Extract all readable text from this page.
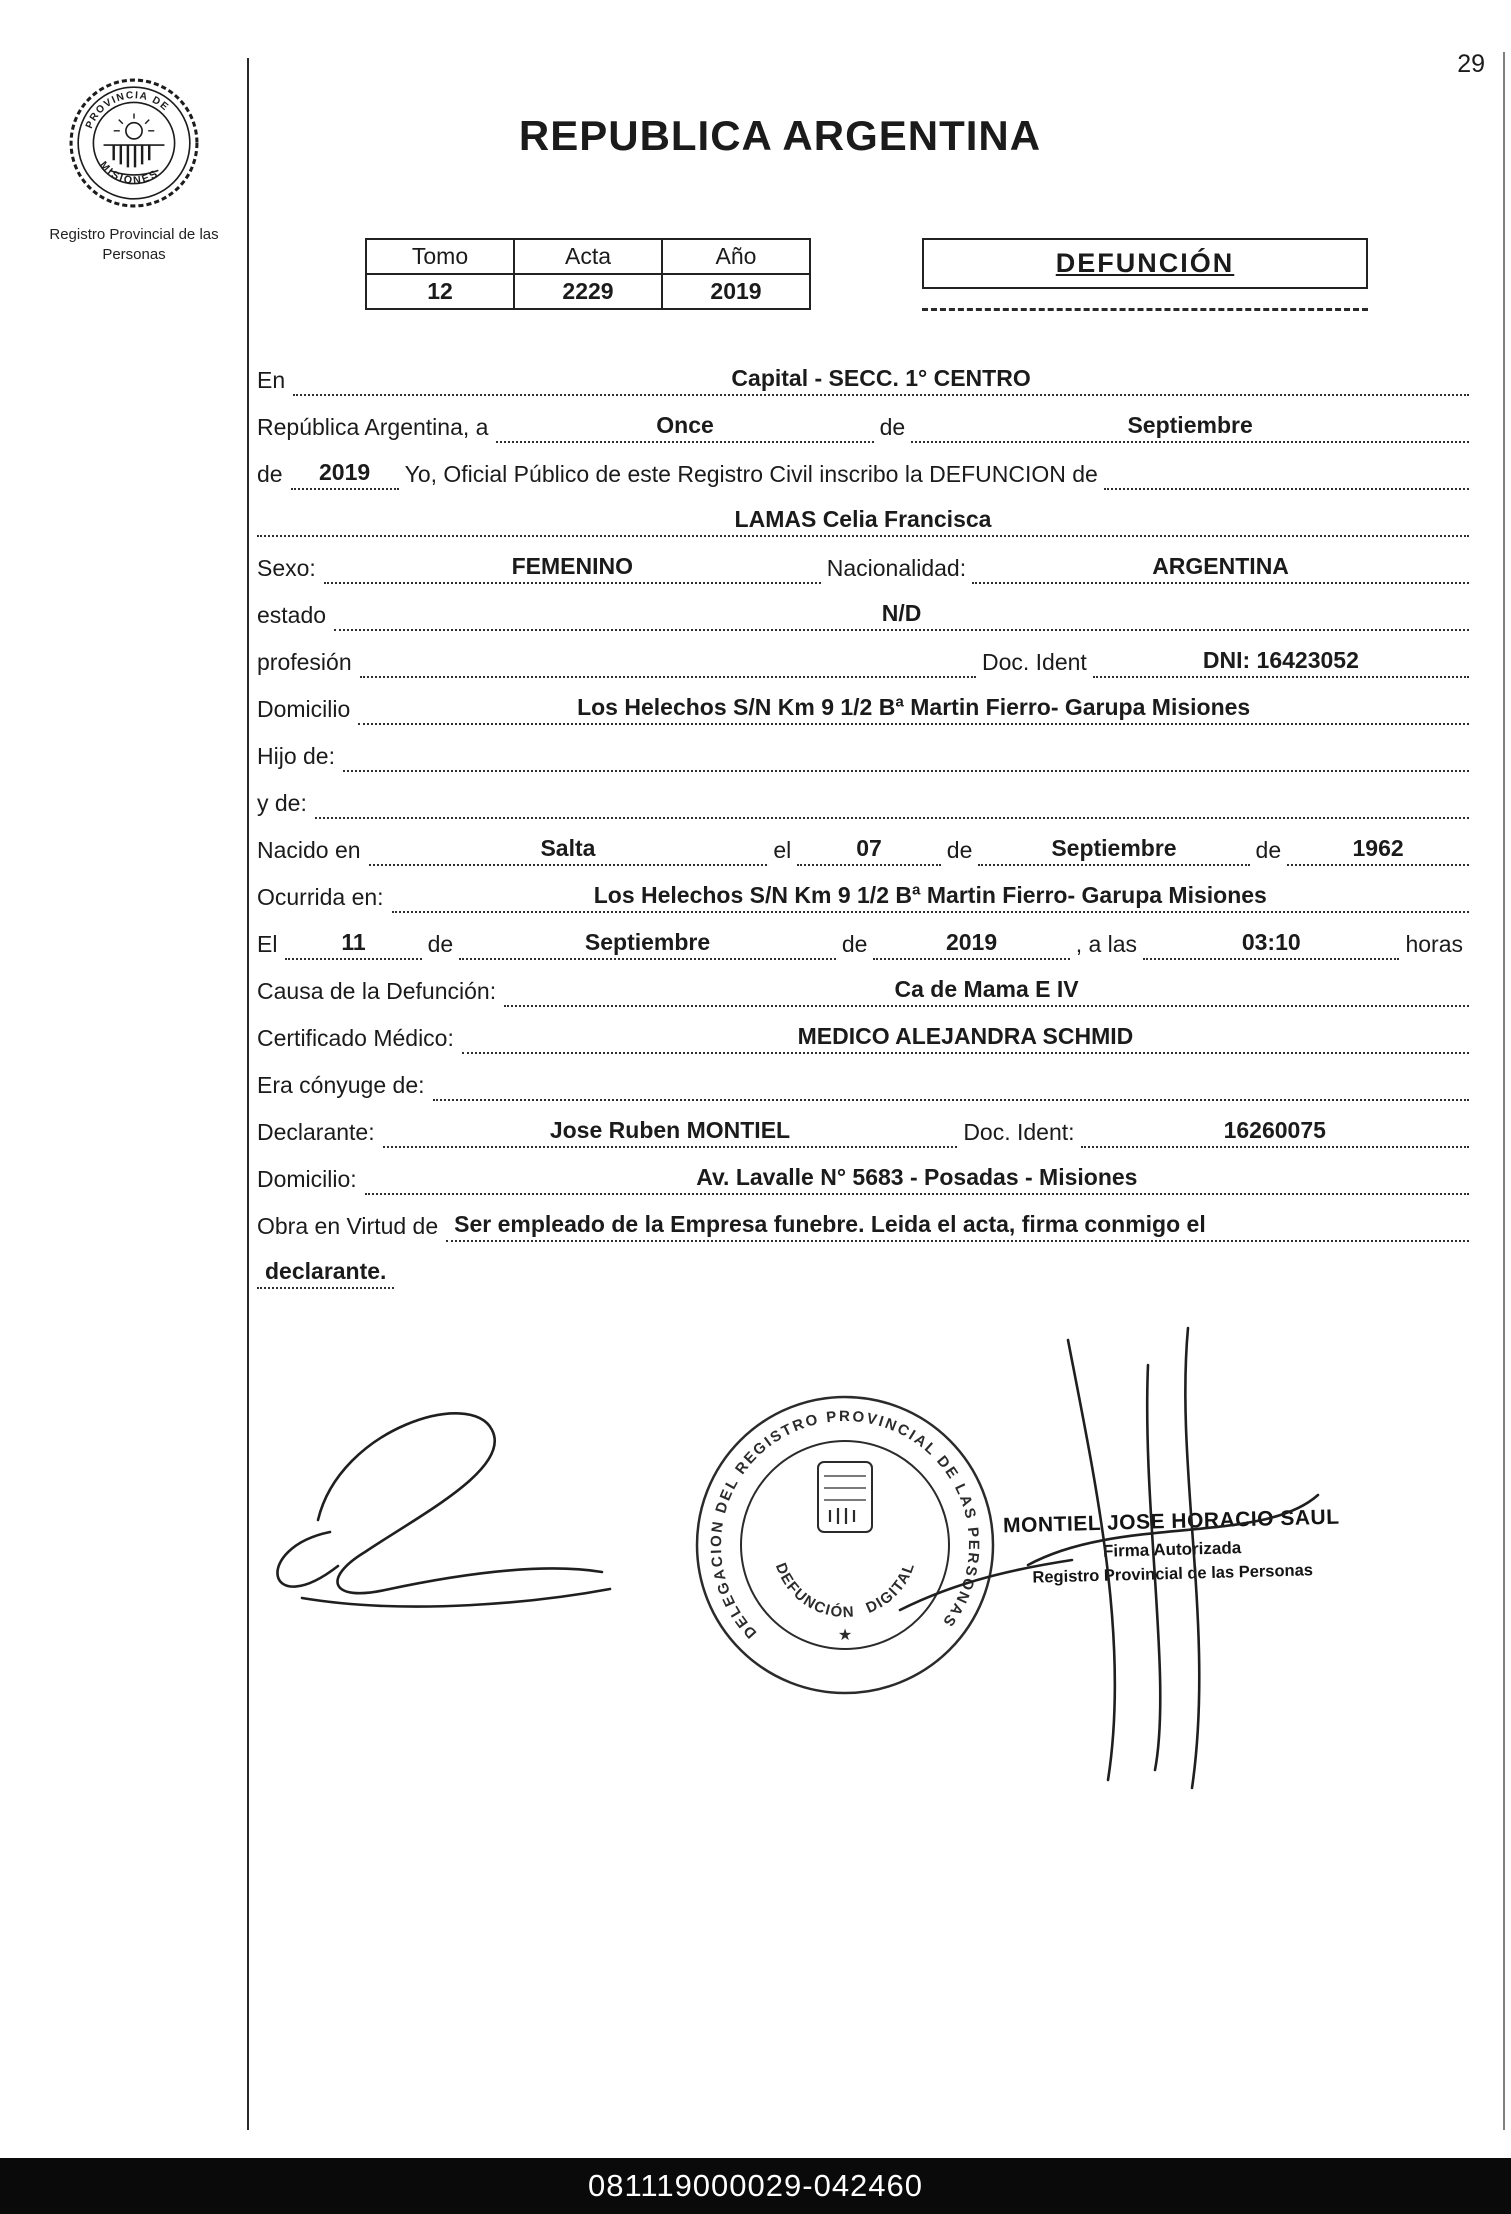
29
PROVINCIA DE
MISIONES
Registro Provincial de las Personas
REPUBLICA ARGENTINA
Tomo	Acta	Año
12	2229	2019
DEFUNCIÓN
En	Capital - SECC. 1° CENTRO
República Argentina, a	Once	de	Septiembre
de	2019	Yo, Oficial Público de este Registro Civil inscribo la DEFUNCION de
LAMAS Celia Francisca
Sexo:	FEMENINO	Nacionalidad:	ARGENTINA
estado	N/D
profesión	Doc. Ident	DNI: 16423052
Domicilio	Los Helechos S/N Km 9 1/2 Bª Martin Fierro- Garupa Misiones
Hijo de:
y de:
Nacido en	Salta	el	07	de	Septiembre	de	1962
Ocurrida en:	Los Helechos S/N Km 9 1/2 Bª Martin Fierro- Garupa Misiones
El	11	de	Septiembre	de	2019	, a las	03:10	horas
Causa de la Defunción:	Ca de Mama E IV
Certificado Médico:	MEDICO ALEJANDRA SCHMID
Era cónyuge de:
Declarante:	Jose Ruben MONTIEL	Doc. Ident:	16260075
Domicilio:	Av. Lavalle N° 5683 - Posadas - Misiones
Obra en Virtud de Ser empleado de la Empresa funebre. Leida el acta, firma conmigo el
declarante.
MONTIEL JOSE HORACIO SAUL
Firma Autorizada
Registro Provincial de las Personas
DELEGACION DEL REGISTRO PROVINCIAL DE LAS PERSONAS
DEFUNCIÓN DIGITAL
★
081119000029-042460
